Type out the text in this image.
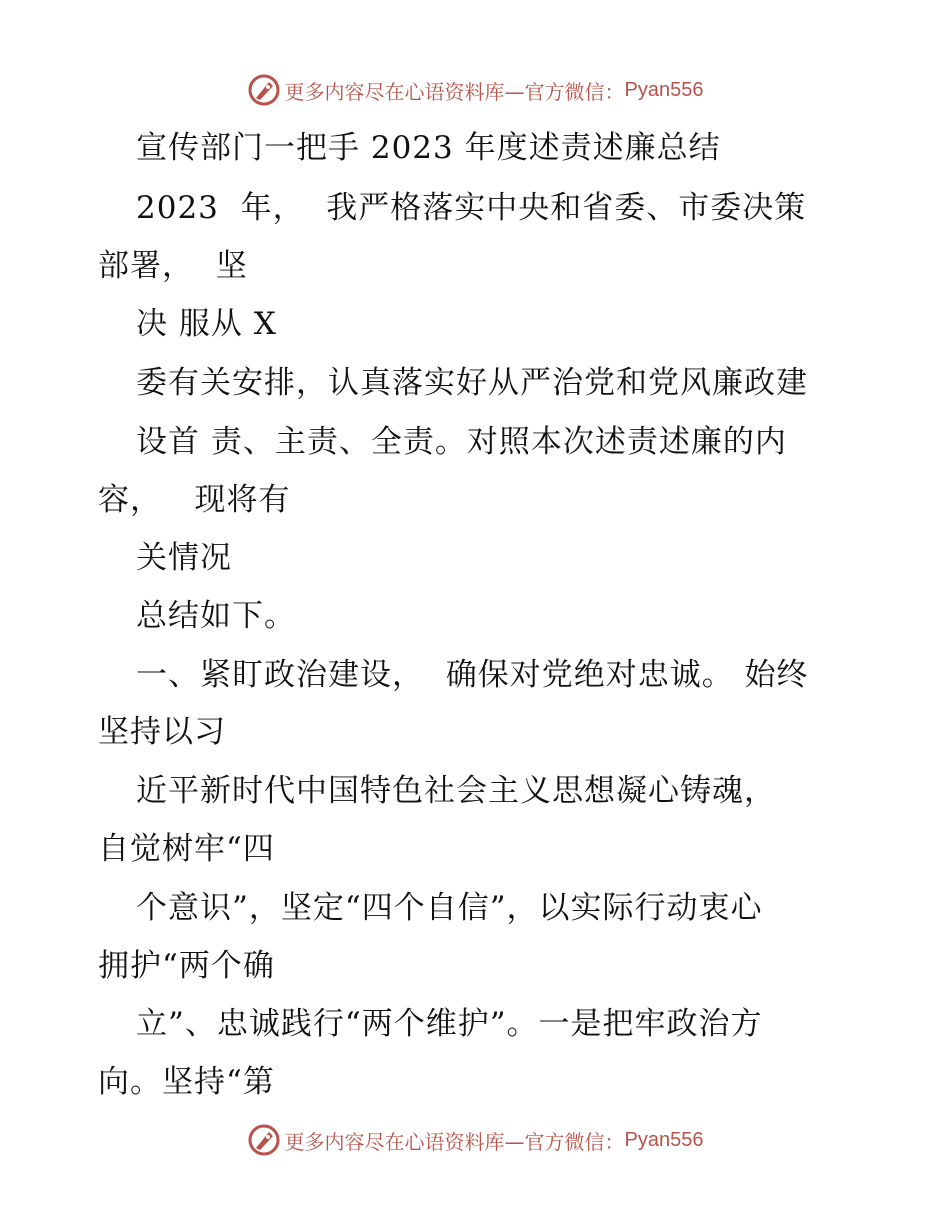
更多内容尽在心语资料库—官方微信： Pyan556
宣传部门一把手 2023 年度述责述廉总结
2023  年，  我严格落实中央和省委、市委决策
部署，  坚
决 服从 X
委有关安排，认真落实好从严治党和党风廉政建
设首 责、主责、全责。对照本次述责述廉的内
容，   现将有
关情况
总结如下。
一、紧盯政治建设，  确保对党绝对忠诚。 始终
坚持以习
近平新时代中国特色社会主义思想凝心铸魂，
自觉树牢“四
个意识”，坚定“四个自信”，以实际行动衷心
拥护“两个确
立”、忠诚践行“两个维护”。一是把牢政治方
向。坚持“第
更多内容尽在心语资料库—官方微信： Pyan556
